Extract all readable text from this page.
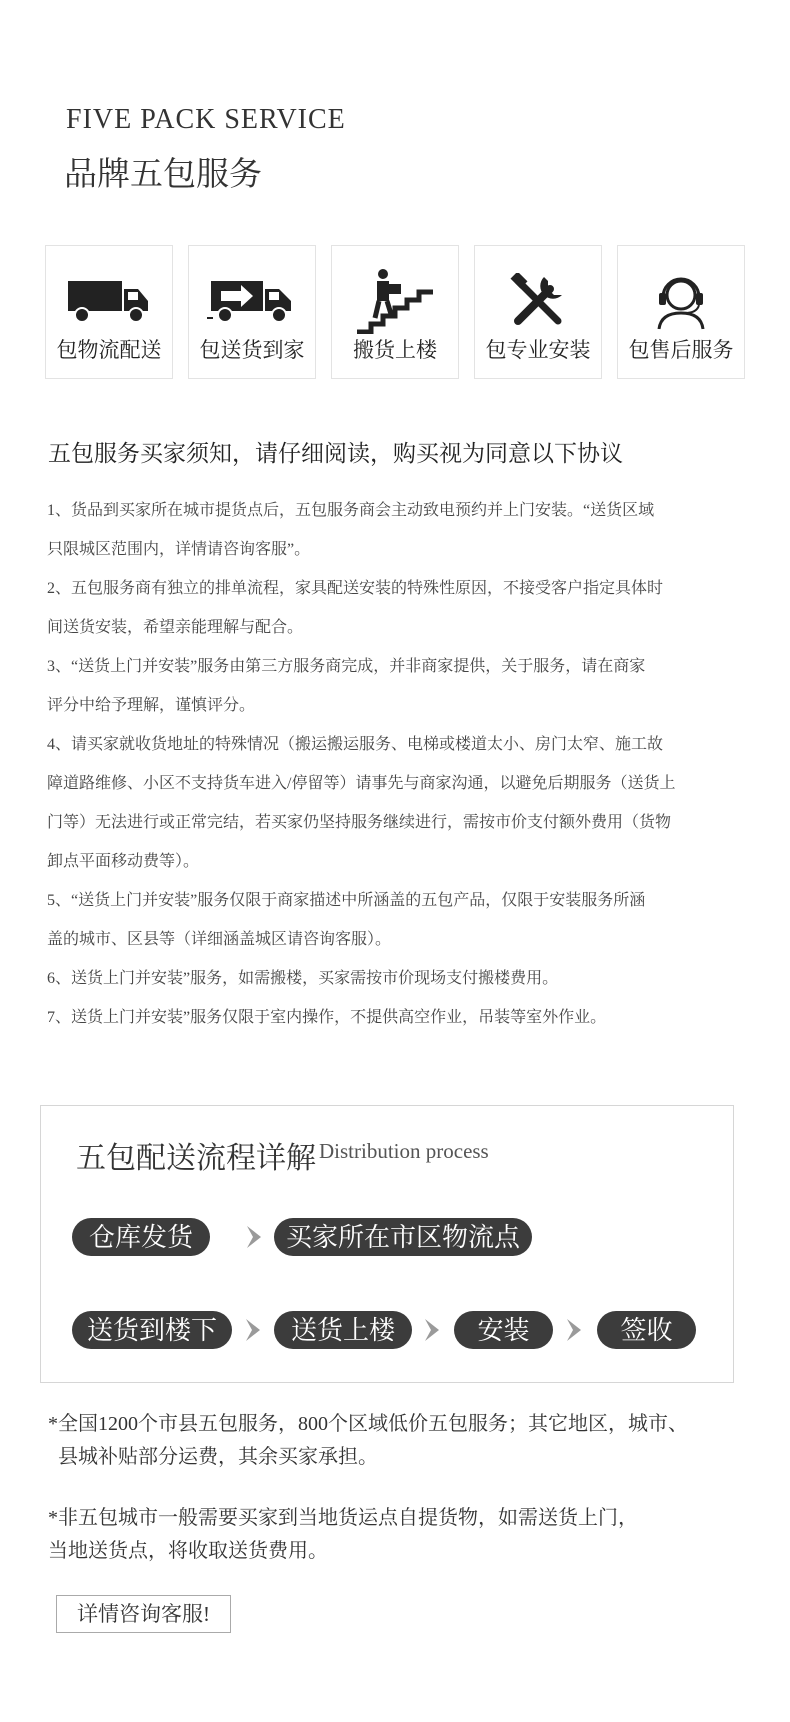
FIVE PACK SERVICE
品牌五包服务
包物流配送	包送货到家	搬货上楼	包专业安装	包售后服务
五包服务买家须知，请仔细阅读，购买视为同意以下协议

1、货品到买家所在城市提货点后，五包服务商会主动致电预约并上门安装。“送货区域

只限城区范围内，详情请咨询客服”。

2、五包服务商有独立的排单流程，家具配送安装的特殊性原因，不接受客户指定具体时

间送货安装，希望亲能理解与配合。

3、“送货上门并安装”服务由第三方服务商完成，并非商家提供，关于服务，请在商家

评分中给予理解，谨慎评分。

4、请买家就收货地址的特殊情况（搬运搬运服务、电梯或楼道太小、房门太窄、施工故

障道路维修、小区不支持货车进入/停留等）请事先与商家沟通，以避免后期服务（送货上

门等）无法进行或正常完结，若买家仍坚持服务继续进行，需按市价支付额外费用（货物

卸点平面移动费等）。

5、“送货上门并安装”服务仅限于商家描述中所涵盖的五包产品，仅限于安装服务所涵

盖的城市、区县等（详细涵盖城区请咨询客服）。

6、送货上门并安装”服务，如需搬楼，买家需按市价现场支付搬楼费用。

7、送货上门并安装”服务仅限于室内操作，不提供高空作业，吊装等室外作业。

五包配送流程详解 Distribution process
仓库发货	买家所在市区物流点
送货到楼下	送货上楼	安装	签收

*全国1200个市县五包服务，800个区域低价五包服务；其它地区，城市、

县城补贴部分运费，其余买家承担。

*非五包城市一般需要买家到当地货运点自提货物，如需送货上门，

当地送货点，将收取送货费用。

详情咨询客服!
